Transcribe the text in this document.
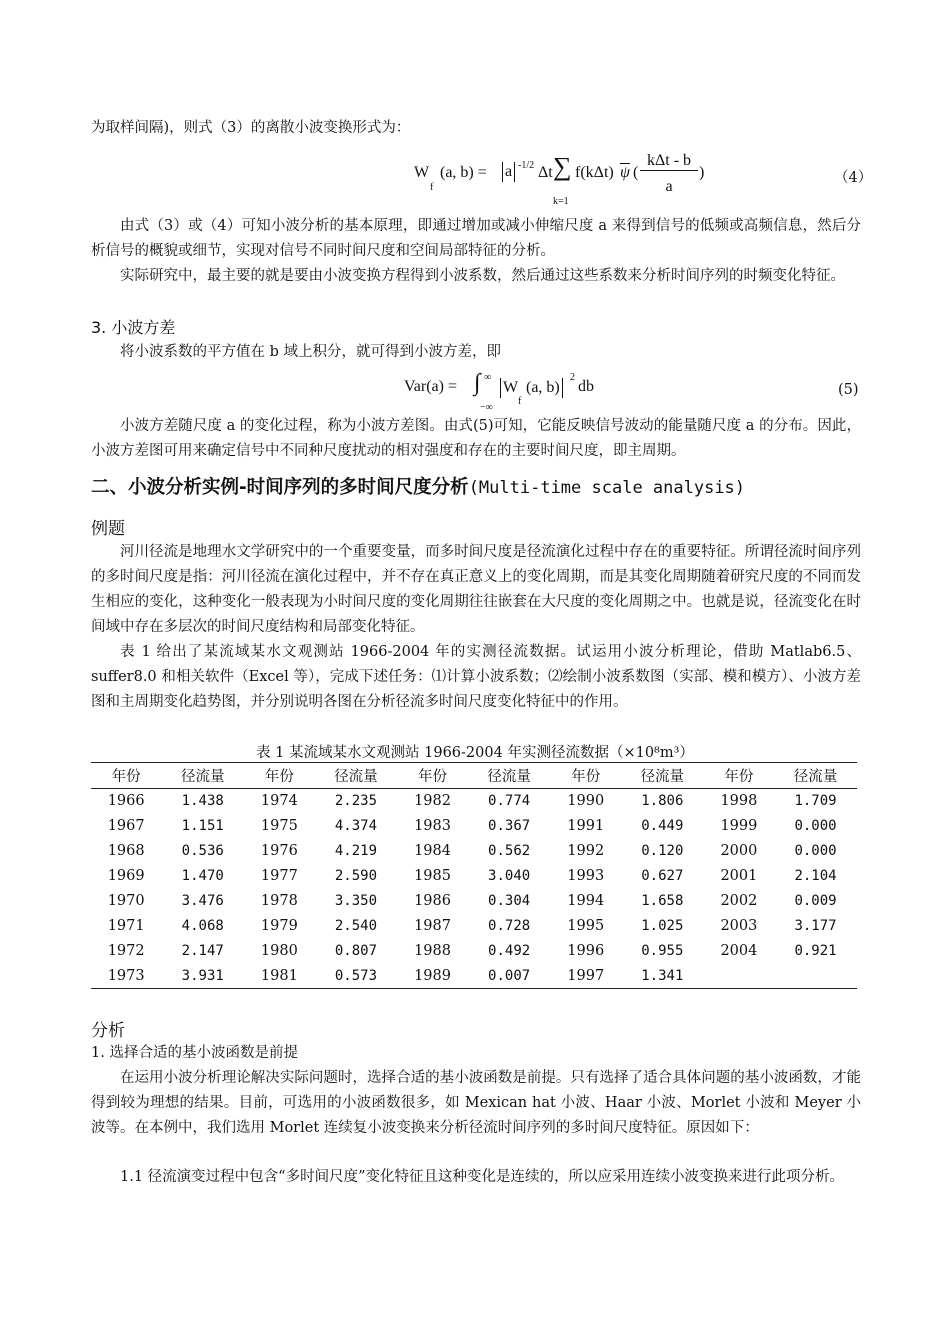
为取样间隔)，则式（3）的离散小波变换形式为：
W
f
(a, b) = a -1/2 Δt ∑
k=1
f(kΔt) $\overline{\psi}$ (
kΔt - b
a
)	（4）
由式（3）或（4）可知小波分析的基本原理，即通过增加或减小伸缩尺度 a 来得到信号的低频或高频信息，然后分析信号的概貌或细节，实现对信号不同时间尺度和空间局部特征的分析。
实际研究中，最主要的就是要由小波变换方程得到小波系数，然后通过这些系数来分析时间序列的时频变化特征。
3. 小波方差
将小波系数的平方值在 b 域上积分，就可得到小波方差，即
Var(a) = ∫ ∞
−∞
W
f
(a, b)
2
db	(5)
小波方差随尺度 a 的变化过程，称为小波方差图。由式(5)可知，它能反映信号波动的能量随尺度 a 的分布。因此，小波方差图可用来确定信号中不同种尺度扰动的相对强度和存在的主要时间尺度，即主周期。
二、小波分析实例-时间序列的多时间尺度分析(Multi-time scale analysis)
例题
河川径流是地理水文学研究中的一个重要变量，而多时间尺度是径流演化过程中存在的重要特征。所谓径流时间序列的多时间尺度是指：河川径流在演化过程中，并不存在真正意义上的变化周期，而是其变化周期随着研究尺度的不同而发生相应的变化，这种变化一般表现为小时间尺度的变化周期往往嵌套在大尺度的变化周期之中。也就是说，径流变化在时间域中存在多层次的时间尺度结构和局部变化特征。
表 1 给出了某流域某水文观测站 1966-2004 年的实测径流数据。试运用小波分析理论，借助 Matlab6.5、suffer8.0 和相关软件（Excel 等），完成下述任务：⑴计算小波系数；⑵绘制小波系数图（实部、模和模方）、小波方差图和主周期变化趋势图，并分别说明各图在分析径流多时间尺度变化特征中的作用。
表 1 某流域某水文观测站 1966-2004 年实测径流数据（×10⁸m³）
年份	径流量	年份	径流量	年份	径流量	年份	径流量	年份	径流量
1966	1.438	1974	2.235	1982	0.774	1990	1.806	1998	1.709
1967	1.151	1975	4.374	1983	0.367	1991	0.449	1999	0.000
1968	0.536	1976	4.219	1984	0.562	1992	0.120	2000	0.000
1969	1.470	1977	2.590	1985	3.040	1993	0.627	2001	2.104
1970	3.476	1978	3.350	1986	0.304	1994	1.658	2002	0.009
1971	4.068	1979	2.540	1987	0.728	1995	1.025	2003	3.177
1972	2.147	1980	0.807	1988	0.492	1996	0.955	2004	0.921
1973	3.931	1981	0.573	1989	0.007	1997	1.341		
分析
1. 选择合适的基小波函数是前提
在运用小波分析理论解决实际问题时，选择合适的基小波函数是前提。只有选择了适合具体问题的基小波函数，才能得到较为理想的结果。目前，可选用的小波函数很多，如 Mexican hat 小波、Haar 小波、Morlet 小波和 Meyer 小波等。在本例中，我们选用 Morlet 连续复小波变换来分析径流时间序列的多时间尺度特征。原因如下：
1.1 径流演变过程中包含“多时间尺度”变化特征且这种变化是连续的，所以应采用连续小波变换来进行此项分析。
